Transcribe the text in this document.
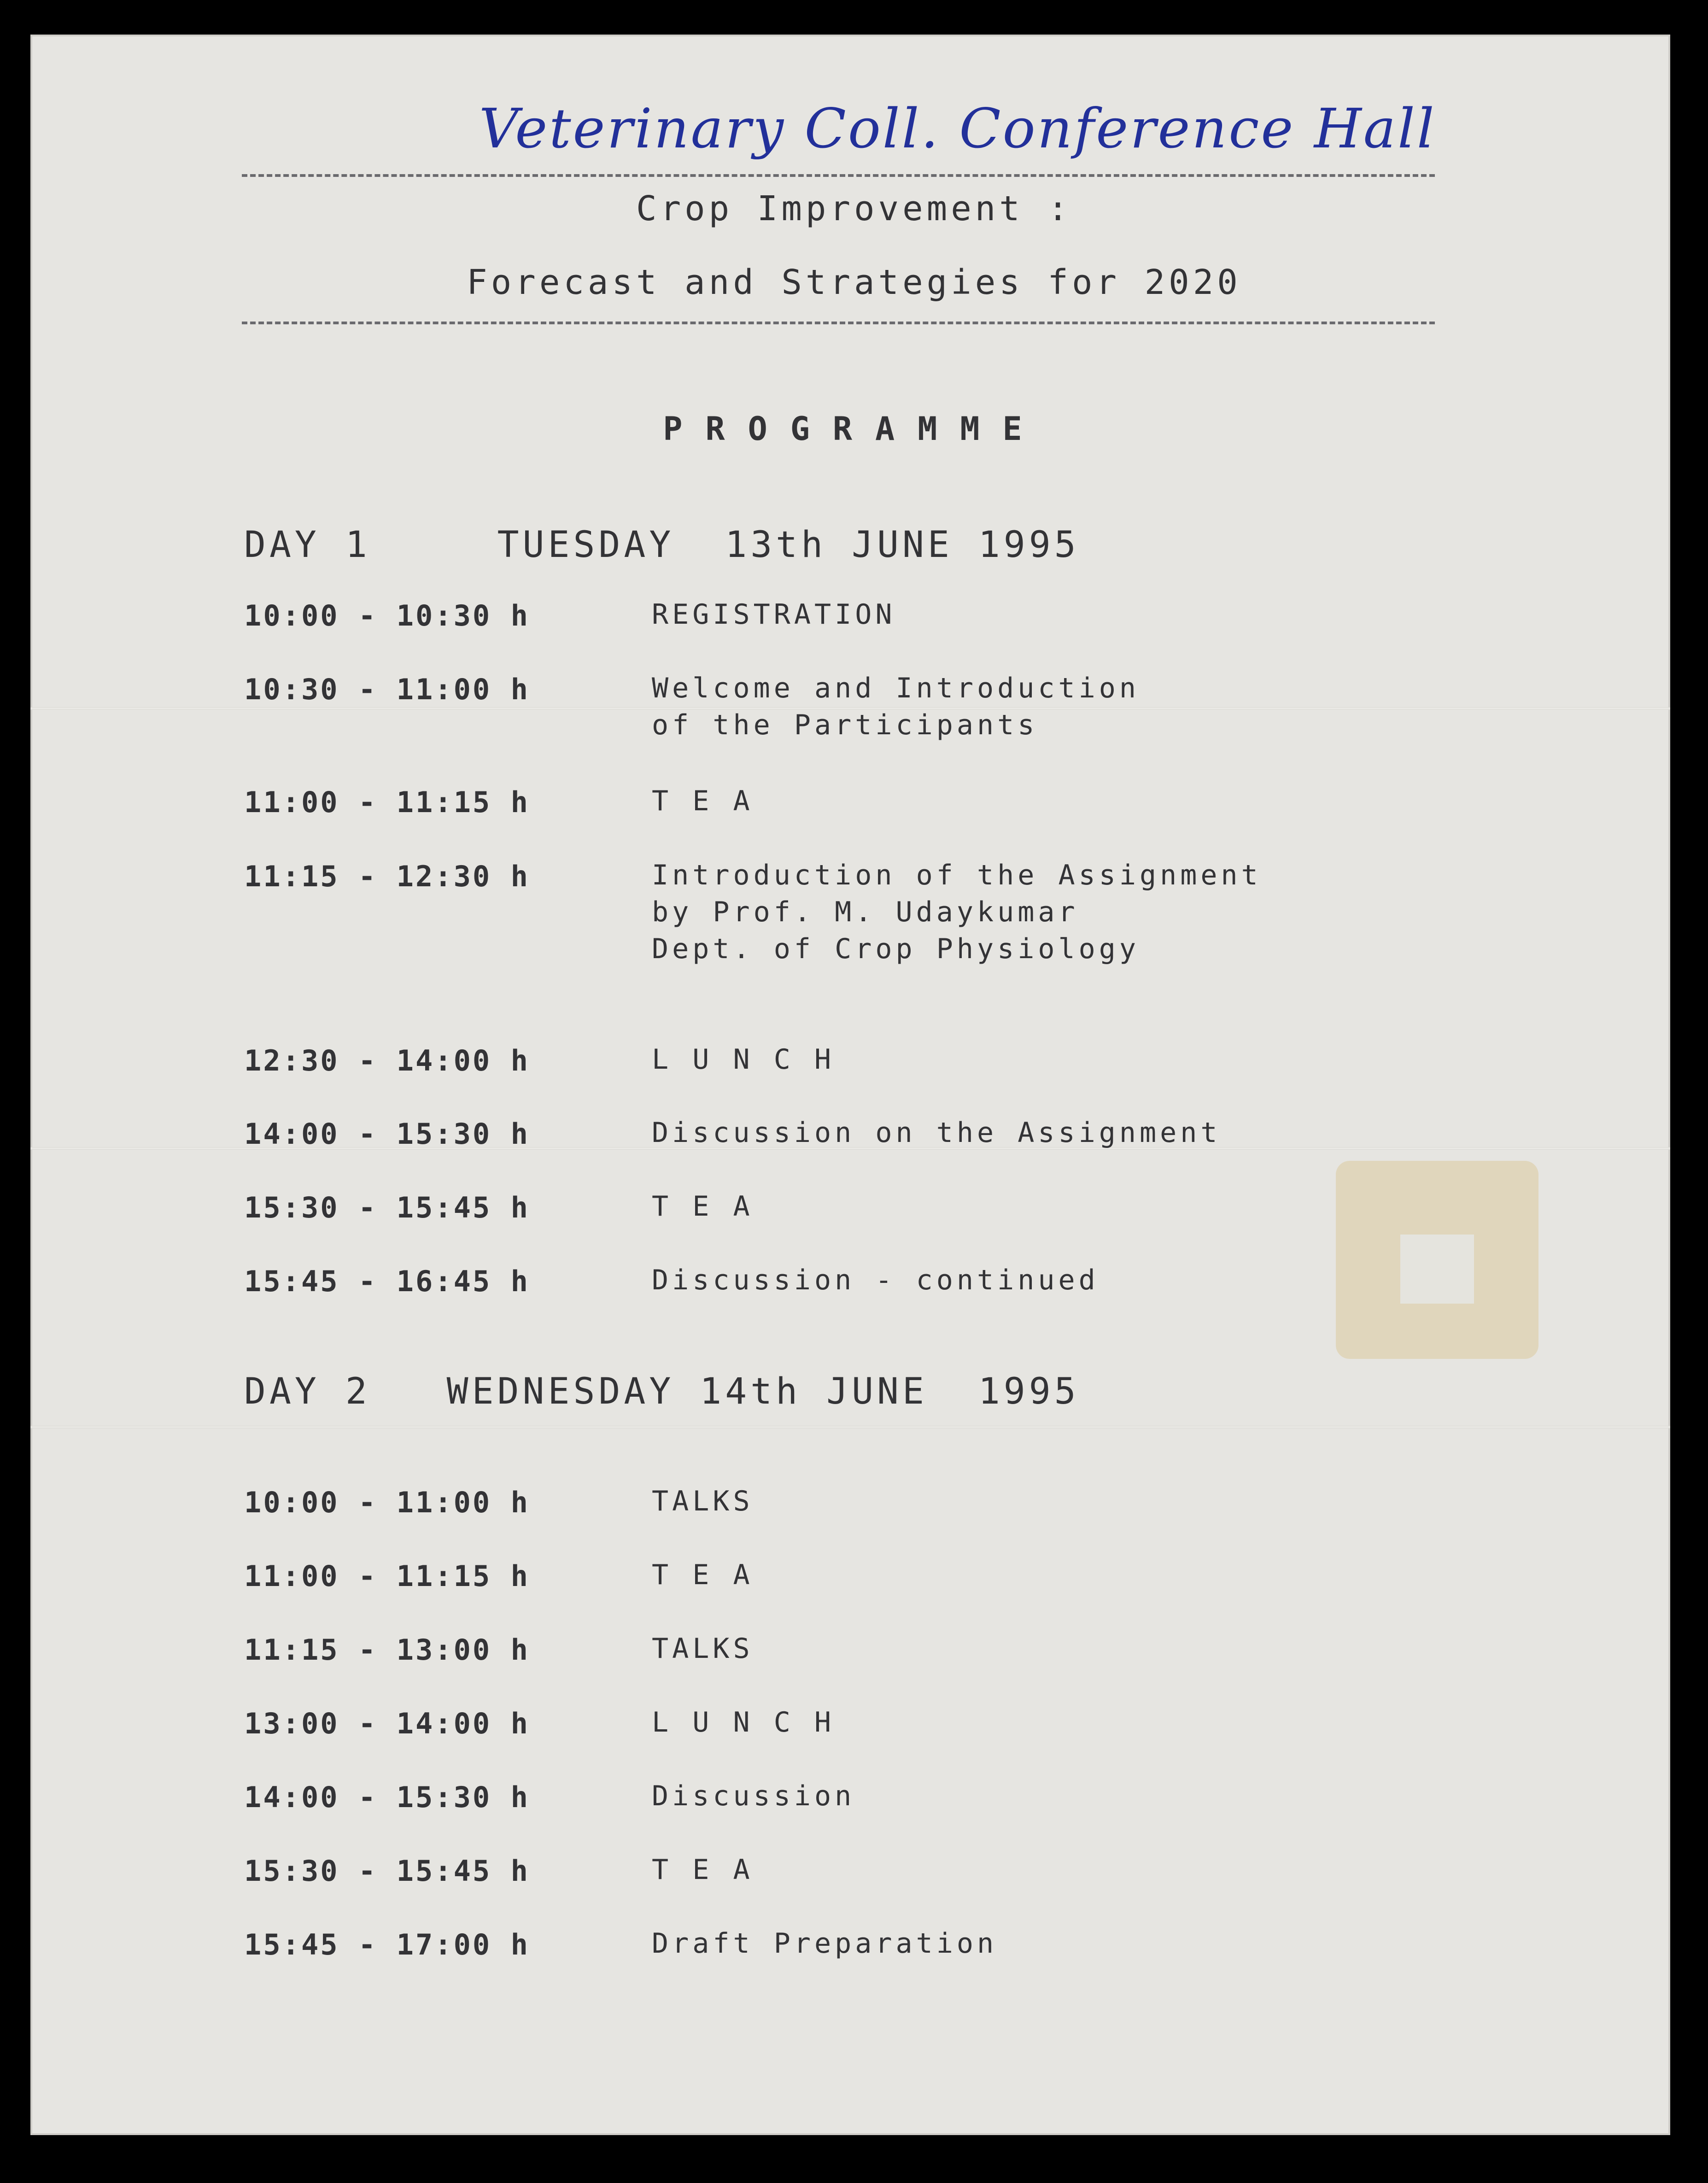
Veterinary Coll. Conference Hall
Crop Improvement :
Forecast and Strategies for 2020
PROGRAMME
DAY 1     TUESDAY  13th JUNE 1995
10:00 - 10:30 h	REGISTRATION
10:30 - 11:00 h	Welcome and Introduction
of the Participants
11:00 - 11:15 h	T E A
11:15 - 12:30 h	Introduction of the Assignment
by Prof. M. Udaykumar
Dept. of Crop Physiology
12:30 - 14:00 h	L U N C H
14:00 - 15:30 h	Discussion on the Assignment
15:30 - 15:45 h	T E A
15:45 - 16:45 h	Discussion - continued
DAY 2   WEDNESDAY 14th JUNE  1995
10:00 - 11:00 h	TALKS
11:00 - 11:15 h	T E A
11:15 - 13:00 h	TALKS
13:00 - 14:00 h	L U N C H
14:00 - 15:30 h	Discussion
15:30 - 15:45 h	T E A
15:45 - 17:00 h	Draft Preparation
